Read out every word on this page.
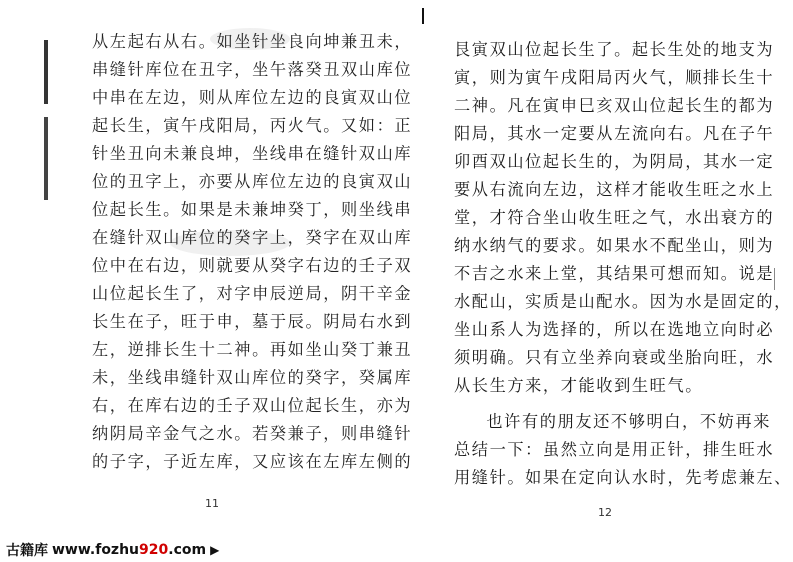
从左起右从右。如坐针坐良向坤兼丑未，
串缝针库位在丑字，坐午落癸丑双山库位
中串在左边，则从库位左边的良寅双山位
起长生，寅午戌阳局，丙火气。又如：正
针坐丑向未兼良坤，坐线串在缝针双山库
位的丑字上，亦要从库位左边的良寅双山
位起长生。如果是未兼坤癸丁，则坐线串
在缝针双山库位的癸字上，癸字在双山库
位中在右边，则就要从癸字右边的壬子双
山位起长生了，对字申辰逆局，阴干辛金
长生在子，旺于申，墓于辰。阴局右水到
左，逆排长生十二神。再如坐山癸丁兼丑
未，坐线串缝针双山库位的癸字，癸属库
右，在库右边的壬子双山位起长生，亦为
纳阴局辛金气之水。若癸兼子，则串缝针
的子字，子近左库，又应该在左库左侧的
11
艮寅双山位起长生了。起长生处的地支为
寅，则为寅午戌阳局丙火气，顺排长生十
二神。凡在寅申巳亥双山位起长生的都为
阳局，其水一定要从左流向右。凡在子午
卯酉双山位起长生的，为阴局，其水一定
要从右流向左边，这样才能收生旺之水上
堂，才符合坐山收生旺之气，水出衰方的
纳水纳气的要求。如果水不配坐山，则为
不吉之水来上堂，其结果可想而知。说是
水配山，实质是山配水。因为水是固定的，
坐山系人为选择的，所以在选地立向时必
须明确。只有立坐养向衰或坐胎向旺，水
从长生方来，才能收到生旺气。
也许有的朋友还不够明白，不妨再来
总结一下：虽然立向是用正针，排生旺水
用缝针。如果在定向认水时，先考虑兼左、
12
古籍库 www.fozhu 920 .com ▶
